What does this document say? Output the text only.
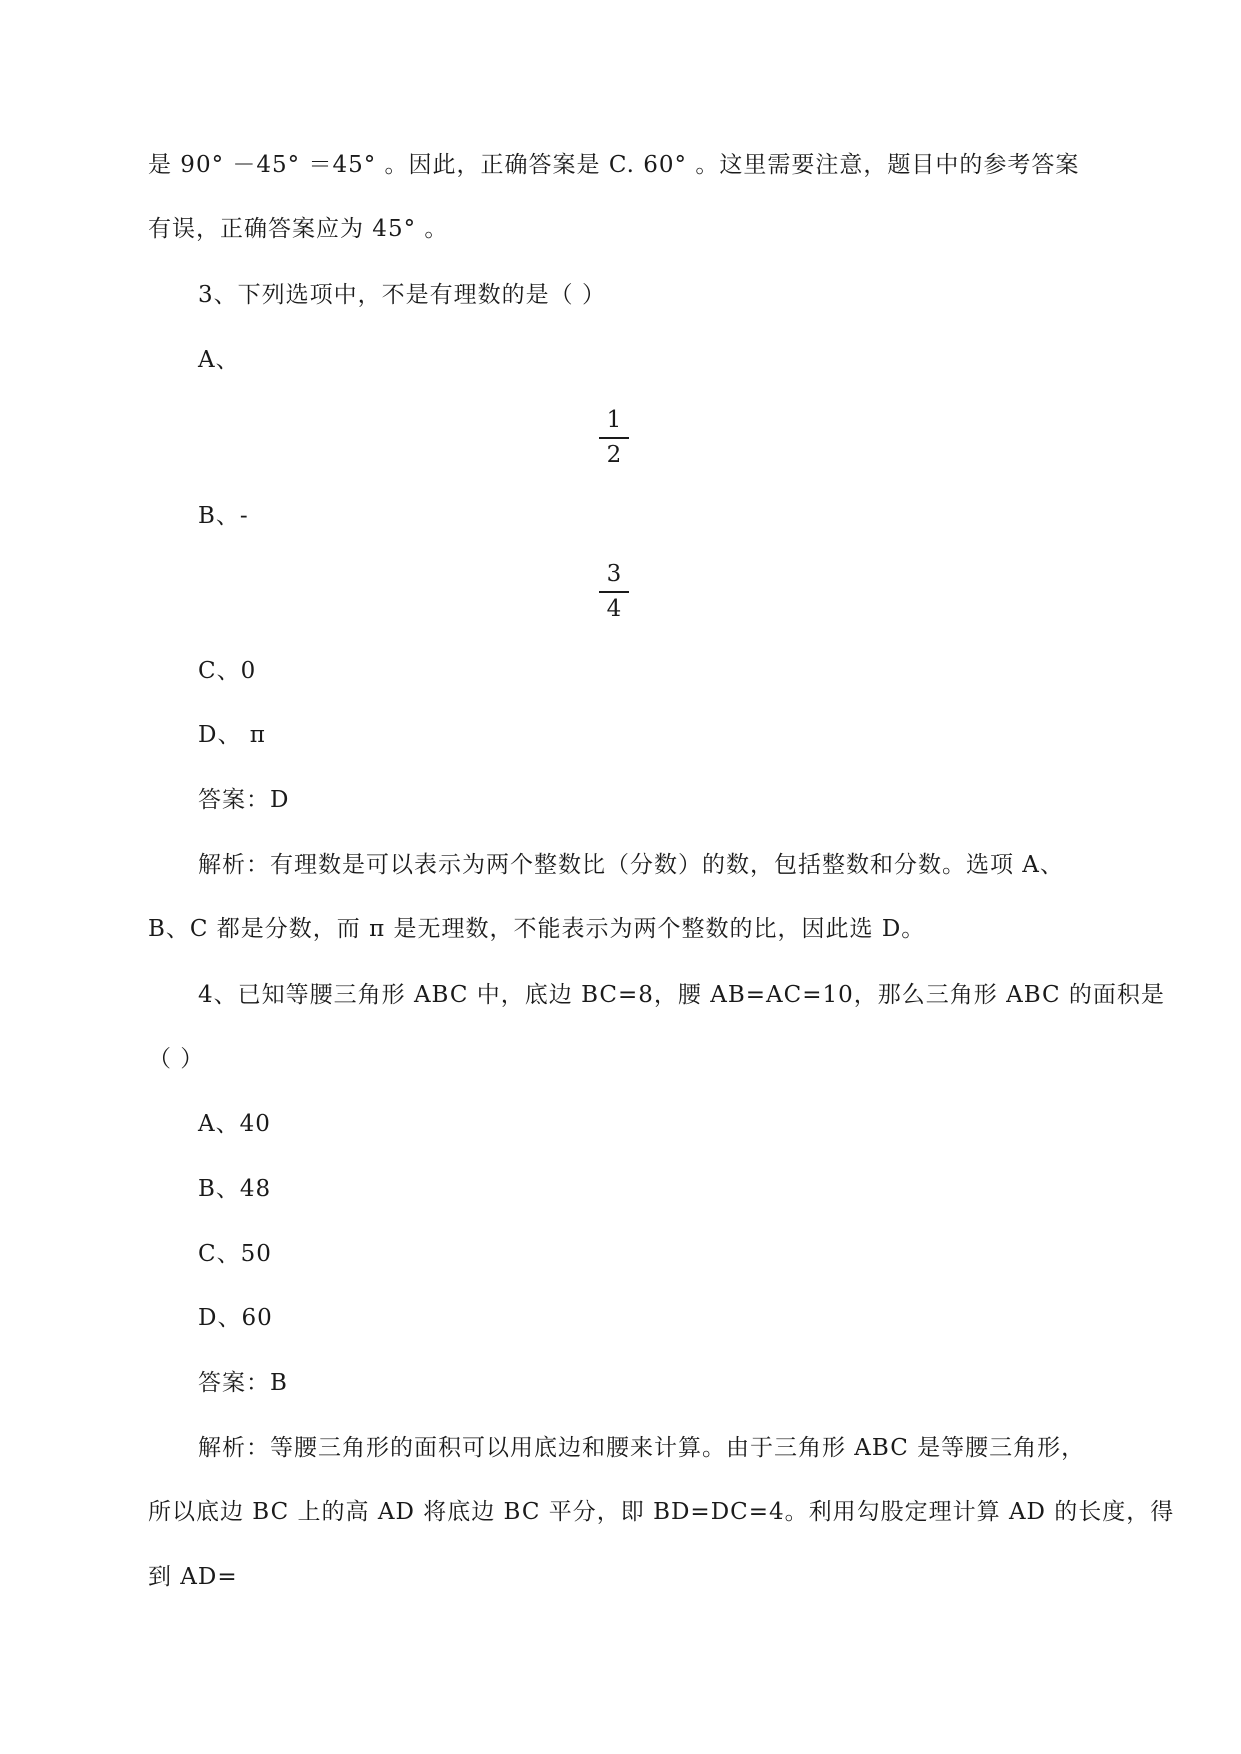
是 90° －45° ＝45° 。因此，正确答案是 C. 60° 。这里需要注意，题目中的参考答案
有误，正确答案应为 45° 。
3、下列选项中，不是有理数的是（ ）
A、
1
2
B、-
3
4
C、0
D、 π
答案：D
解析：有理数是可以表示为两个整数比（分数）的数，包括整数和分数。选项 A、
B、C 都是分数，而 π 是无理数，不能表示为两个整数的比，因此选 D。
4、已知等腰三角形 ABC 中，底边 BC=8，腰 AB=AC=10，那么三角形 ABC 的面积是
（ ）
A、40
B、48
C、50
D、60
答案：B
解析：等腰三角形的面积可以用底边和腰来计算。由于三角形 ABC 是等腰三角形，
所以底边 BC 上的高 AD 将底边 BC 平分，即 BD=DC=4。利用勾股定理计算 AD 的长度，得
到 AD=
